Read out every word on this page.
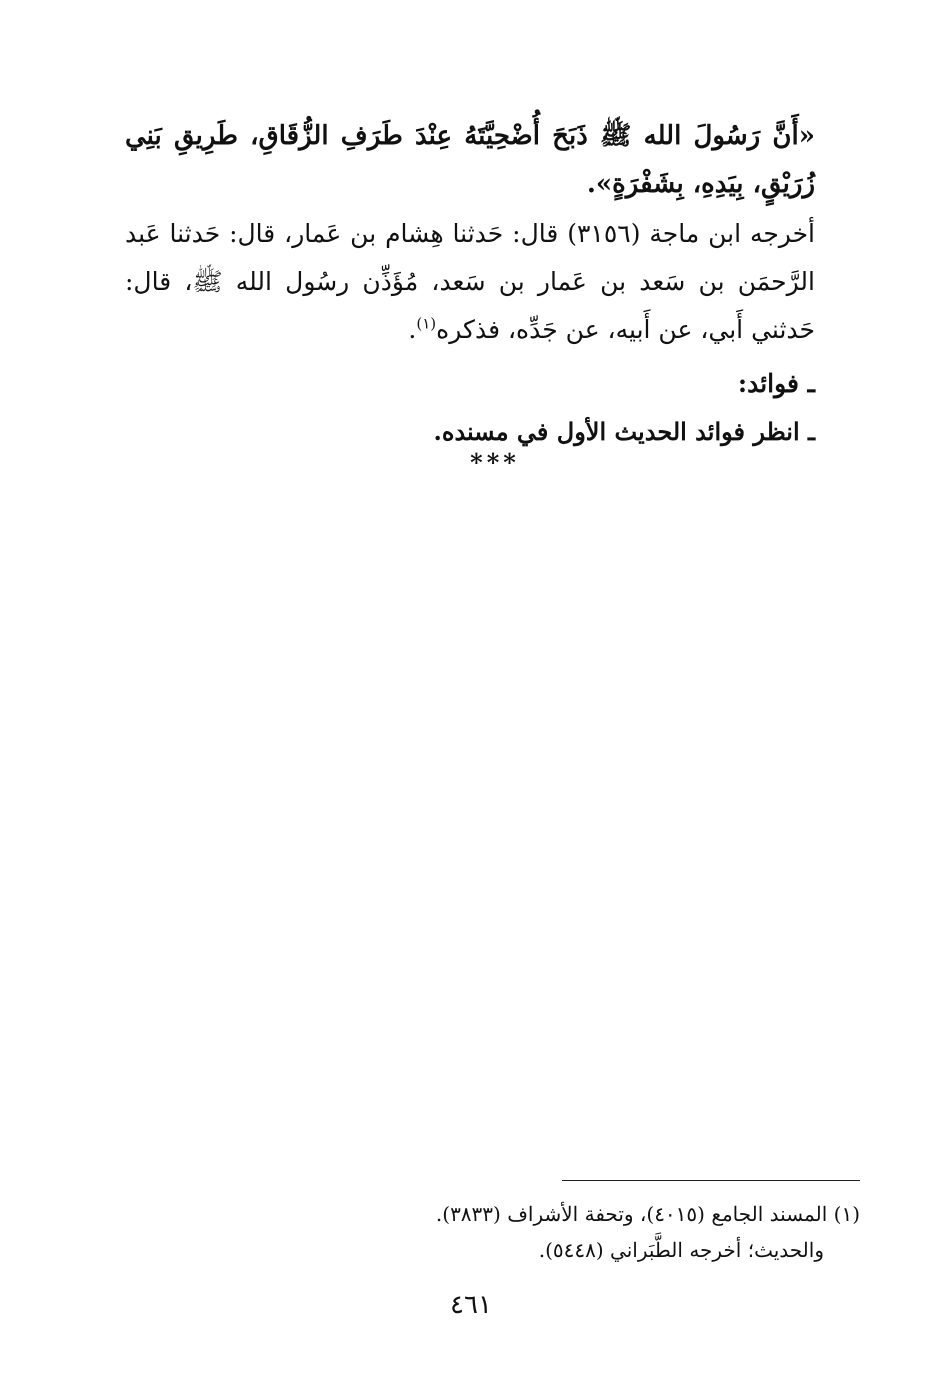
«أَنَّ رَسُولَ الله ﷺ ذَبَحَ أُضْحِيَّتَهُ عِنْدَ طَرَفِ الزُّقَاقِ، طَرِيقِ بَنِي زُرَيْقٍ، بِيَدِهِ، بِشَفْرَةٍ».

أخرجه ابن ماجة (٣١٥٦) قال: حَدثنا هِشام بن عَمار، قال: حَدثنا عَبد الرَّحمَن بن سَعد بن عَمار بن سَعد، مُؤَذِّن رسُول الله ﷺ، قال: حَدثني أَبي، عن أَبيه، عن جَدِّه، فذكره$^{(١)}$.

ـ فوائد:

ـ انظر فوائد الحديث الأول في مسنده.

***

(١) المسند الجامع (٤٠١٥)، وتحفة الأشراف (٣٨٣٣).

والحديث؛ أخرجه الطَّبَراني (٥٤٤٨).

٤٦١
